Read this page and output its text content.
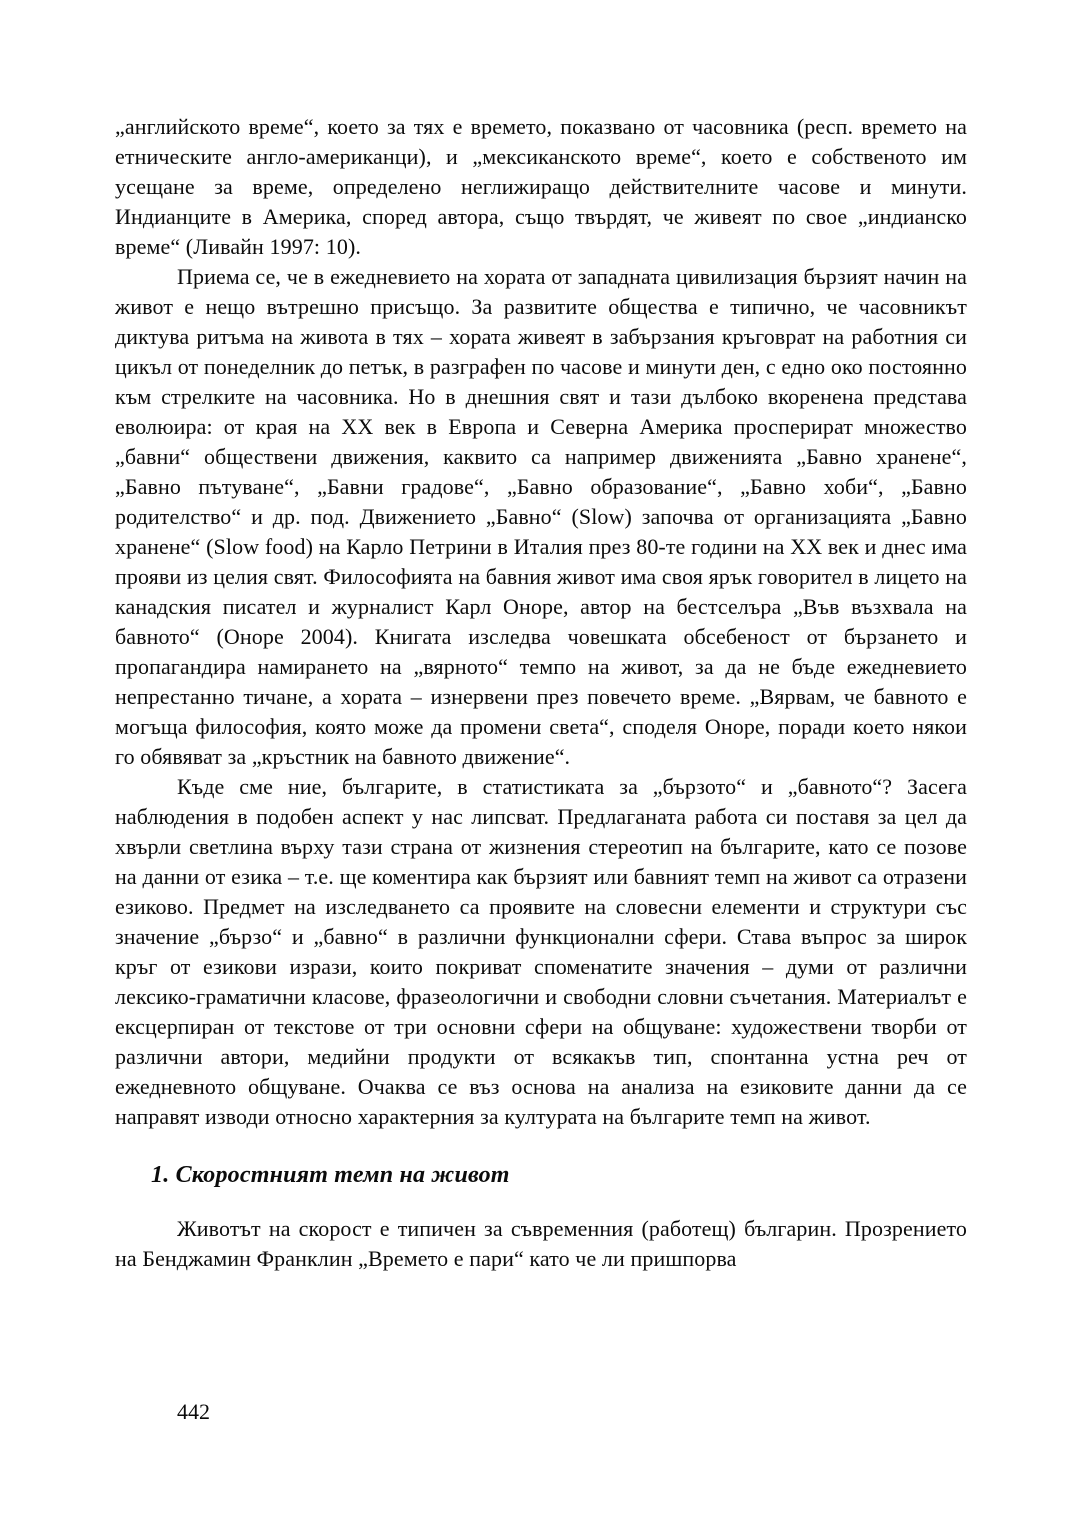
„английското време“, което за тях е времето, показвано от часовника (респ. времето на етническите англо-американци), и „мексиканското време“, което е собственото им усещане за време, определено неглижиращо действителните часове и минути. Индианците в Америка, според автора, също твърдят, че живеят по свое „индианско време“ (Ливайн 1997: 10).

Приема се, че в ежедневието на хората от западната цивилизация бързият начин на живот е нещо вътрешно присъщо. За развитите общества е типично, че часовникът диктува ритъма на живота в тях – хората живеят в забързания кръговрат на работния си цикъл от понеделник до петък, в разграфен по часове и минути ден, с едно око постоянно към стрелките на часовника. Но в днешния свят и тази дълбоко вкоренена представа еволюира: от края на XX век в Европа и Северна Америка просперират множество „бавни“ обществени движения, каквито са например движенията „Бавно хранене“, „Бавно пътуване“, „Бавни градове“, „Бавно образование“, „Бавно хоби“, „Бавно родителство“ и др. под. Движението „Бавно“ (Slow) започва от организацията „Бавно хранене“ (Slow food) на Карло Петрини в Италия през 80-те години на XX век и днес има прояви из целия свят. Философията на бавния живот има своя ярък говорител в лицето на канадския писател и журналист Карл Оноре, автор на бестселъра „Във възхвала на бавното“ (Оноре 2004). Книгата изследва човешката обсебеност от бързането и пропагандира намирането на „вярното“ темпо на живот, за да не бъде ежедневието непрестанно тичане, а хората – изнервени през повечето време. „Вярвам, че бавното е могъща философия, която може да промени света“, споделя Оноре, поради което някои го обявяват за „кръстник на бавното движение“.

Къде сме ние, българите, в статистиката за „бързото“ и „бавното“? Засега наблюдения в подобен аспект у нас липсват. Предлаганата работа си поставя за цел да хвърли светлина върху тази страна от жизнения стереотип на българите, като се позове на данни от езика – т.е. ще коментира как бързият или бавният темп на живот са отразени езиково. Предмет на изследването са проявите на словесни елементи и структури със значение „бързо“ и „бавно“ в различни функционални сфери. Става въпрос за широк кръг от езикови изрази, които покриват споменатите значения – думи от различни лексико-граматични класове, фразеологични и свободни словни съчетания. Материалът е ексцерпиран от текстове от три основни сфери на общуване: художествени творби от различни автори, медийни продукти от всякакъв тип, спонтанна устна реч от ежедневното общуване. Очаква се въз основа на анализа на езиковите данни да се направят изводи относно характерния за културата на българите темп на живот.

1. Скоростният темп на живот

Животът на скорост е типичен за съвременния (работещ) българин. Прозрението на Бенджамин Франклин „Времето е пари“ като че ли пришпорва

442
